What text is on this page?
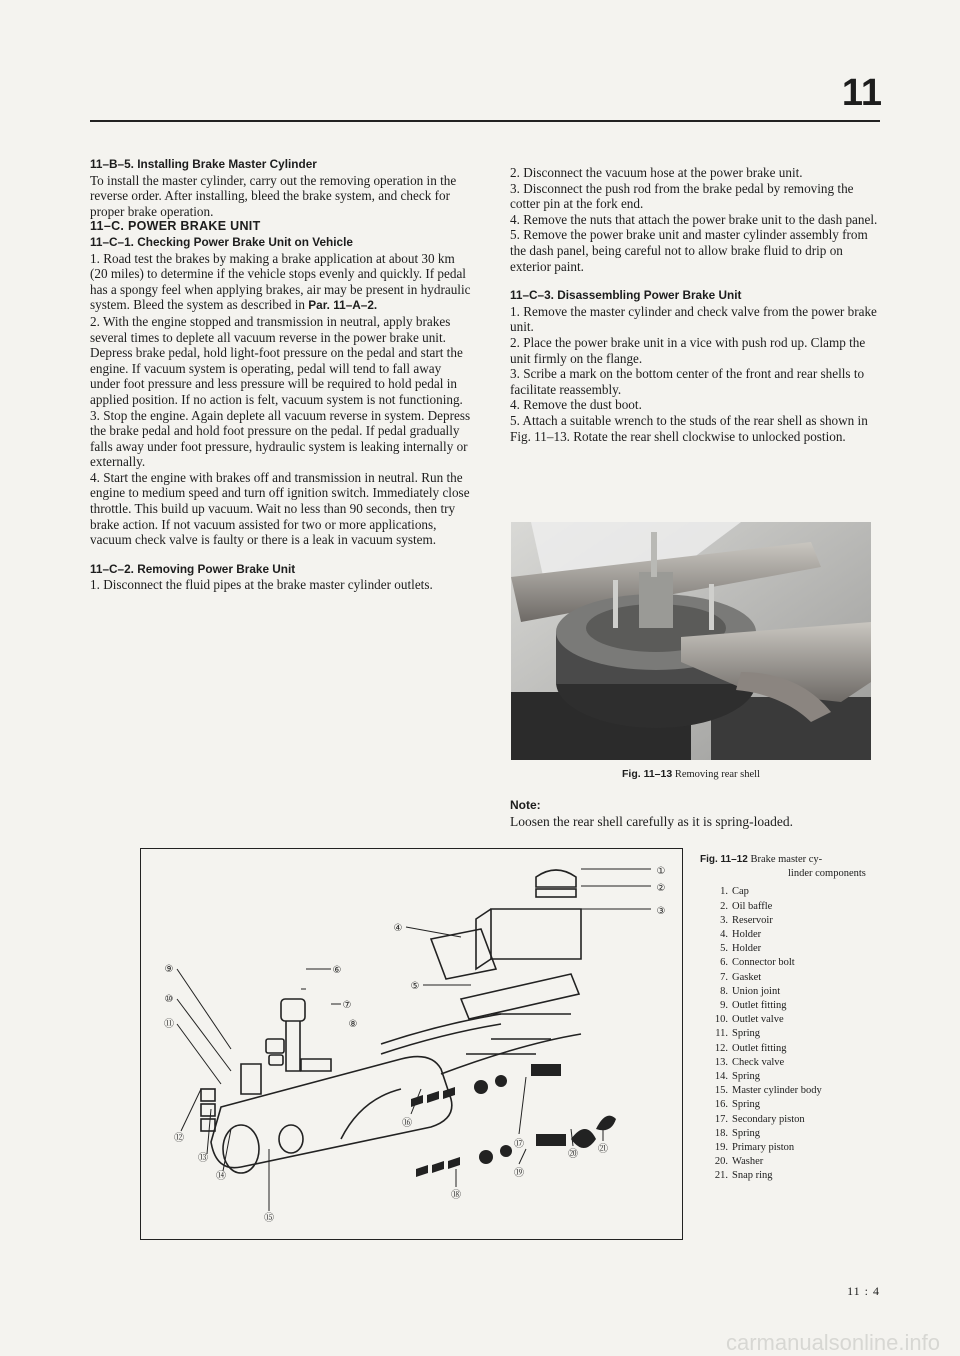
11

11–B–5. Installing Brake Master Cylinder

To install the master cylinder, carry out the removing operation in the reverse order. After installing, bleed the brake system, and check for proper brake operation.

11–C. POWER BRAKE UNIT

11–C–1. Checking Power Brake Unit on Vehicle

1. Road test the brakes by making a brake application at about 30 km (20 miles) to determine if the vehicle stops evenly and quickly. If pedal has a spongy feel when applying brakes, air may be present in hydraulic system. Bleed the system as described in Par. 11–A–2.

2. With the engine stopped and transmission in neutral, apply brakes several times to deplete all vacuum reverse in the power brake unit. Depress brake pedal, hold light-foot pressure on the pedal and start the engine. If vacuum system is operating, pedal will tend to fall away under foot pressure and less pressure will be required to hold pedal in applied position. If no action is felt, vacuum system is not functioning.

3. Stop the engine. Again deplete all vacuum reverse in system. Depress the brake pedal and hold foot pressure on the pedal. If pedal gradually falls away under foot pressure, hydraulic system is leaking internally or externally.

4. Start the engine with brakes off and transmission in neutral. Run the engine to medium speed and turn off ignition switch. Immediately close throttle. This build up vacuum. Wait no less than 90 seconds, then try brake action. If not vacuum assisted for two or more applications, vacuum check valve is faulty or there is a leak in vacuum system.

11–C–2. Removing Power Brake Unit

1. Disconnect the fluid pipes at the brake master cylinder outlets.

2. Disconnect the vacuum hose at the power brake unit.

3. Disconnect the push rod from the brake pedal by removing the cotter pin at the fork end.

4. Remove the nuts that attach the power brake unit to the dash panel.

5. Remove the power brake unit and master cylinder assembly from the dash panel, being careful not to allow brake fluid to drip on exterior paint.

11–C–3. Disassembling Power Brake Unit

1. Remove the master cylinder and check valve from the power brake unit.

2. Place the power brake unit in a vice with push rod up. Clamp the unit firmly on the flange.

3. Scribe a mark on the bottom center of the front and rear shells to facilitate reassembly.

4. Remove the dust boot.

5. Attach a suitable wrench to the studs of the rear shell as shown in Fig. 11–13. Rotate the rear shell clockwise to unlocked postion.

Fig. 11–13 Removing rear shell
Note:
Loosen the rear shell carefully as it is spring-loaded.
①
②
③
④
⑤
⑥
⑦
⑧
⑨
⑩
⑪
⑫
⑬
⑭
⑮
⑯
⑰
⑱
⑲
⑳ ㉑
Fig. 11–12 Brake master cy-
linder components
1. Cap
2. Oil baffle
3. Reservoir
4. Holder
5. Holder
6. Connector bolt
7. Gasket
8. Union joint
9. Outlet fitting
10. Outlet valve
11. Spring
12. Outlet fitting
13. Check valve
14. Spring
15. Master cylinder body
16. Spring
17. Secondary piston
18. Spring
19. Primary piston
20. Washer
21. Snap ring
11 : 4
carmanualsonline.info
